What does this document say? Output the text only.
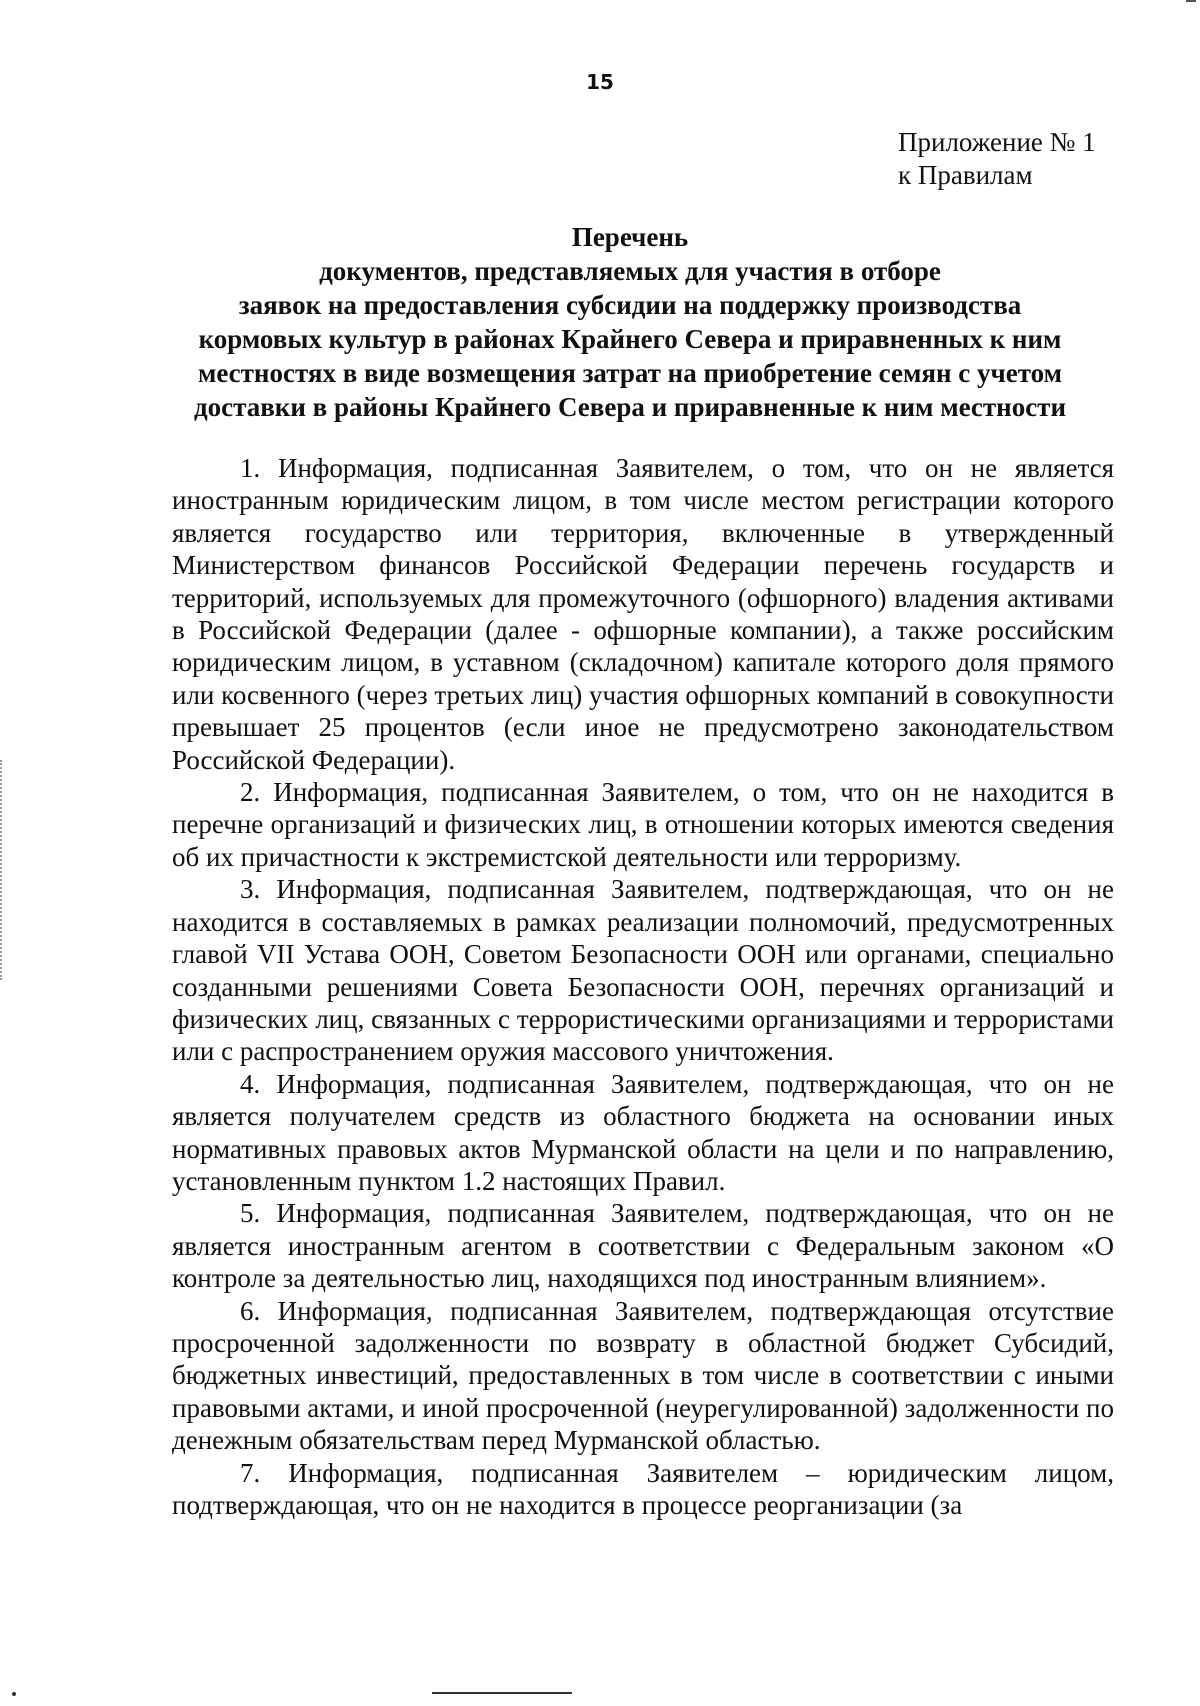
15
Приложение № 1
к Правилам
Перечень
документов, представляемых для участия в отборе
заявок на предоставления субсидии на поддержку производства
кормовых культур в районах Крайнего Севера и приравненных к ним
местностях в виде возмещения затрат на приобретение семян с учетом
доставки в районы Крайнего Севера и приравненные к ним местности

1. Информация, подписанная Заявителем, о том, что он не является иностранным юридическим лицом, в том числе местом регистрации которого является государство или территория, включенные в утвержденный Министерством финансов Российской Федерации перечень государств и территорий, используемых для промежуточного (офшорного) владения активами в Российской Федерации (далее - офшорные компании), а также российским юридическим лицом, в уставном (складочном) капитале которого доля прямого или косвенного (через третьих лиц) участия офшорных компаний в совокупности превышает 25 процентов (если иное не предусмотрено законодательством Российской Федерации).

2. Информация, подписанная Заявителем, о том, что он не находится в перечне организаций и физических лиц, в отношении которых имеются сведения об их причастности к экстремистской деятельности или терроризму.

3. Информация, подписанная Заявителем, подтверждающая, что он не находится в составляемых в рамках реализации полномочий, предусмотренных главой VII Устава ООН, Советом Безопасности ООН или органами, специально созданными решениями Совета Безопасности ООН, перечнях организаций и физических лиц, связанных с террористическими организациями и террористами или с распространением оружия массового уничтожения.

4. Информация, подписанная Заявителем, подтверждающая, что он не является получателем средств из областного бюджета на основании иных нормативных правовых актов Мурманской области на цели и по направлению, установленным пунктом 1.2 настоящих Правил.

5. Информация, подписанная Заявителем, подтверждающая, что он не является иностранным агентом в соответствии с Федеральным законом «О контроле за деятельностью лиц, находящихся под иностранным влиянием».

6. Информация, подписанная Заявителем, подтверждающая отсутствие просроченной задолженности по возврату в областной бюджет Субсидий, бюджетных инвестиций, предоставленных в том числе в соответствии с иными правовыми актами, и иной просроченной (неурегулированной) задолженности по денежным обязательствам перед Мурманской областью.

7. Информация, подписанная Заявителем – юридическим лицом, подтверждающая, что он не находится в процессе реорганизации (за
